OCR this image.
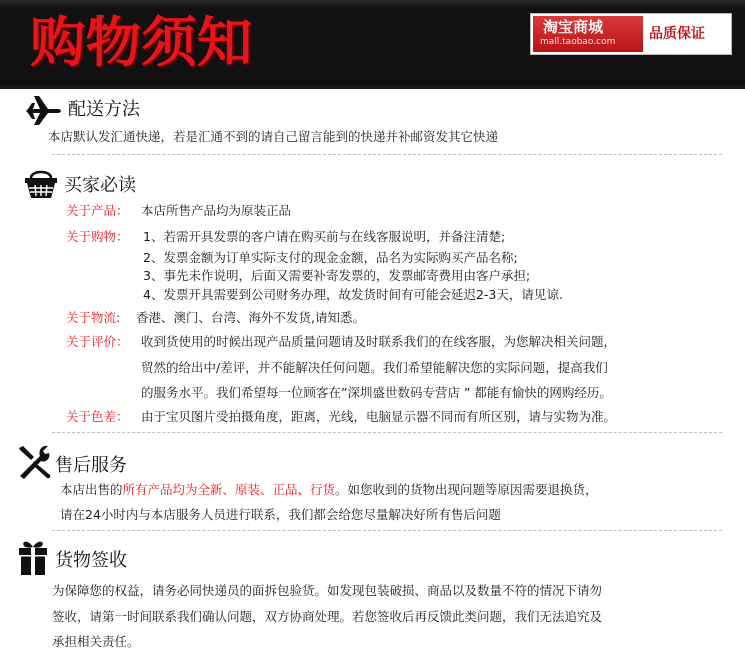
购物须知	淘宝商城
mall.taobao.com 品质保证
配送方法
本店默认发汇通快递，若是汇通不到的请自己留言能到的快递并补邮资发其它快递
买家必读
关于产品： 本店所售产品均为原装正品
关于购物： 1、若需开具发票的客户请在购买前与在线客服说明，并备注清楚;
2、发票金额为订单实际支付的现金金额，品名为实际购买产品名称;
3、事先未作说明，后面又需要补寄发票的，发票邮寄费用由客户承担;
4、发票开具需要到公司财务办理，故发货时间有可能会延迟2-3天，请见谅.
关于物流: 香港、澳门、台湾、海外不发货,请知悉。
关于评价： 收到货使用的时候出现产品质量问题请及时联系我们的在线客服，为您解决相关问题，
贸然的给出中/差评，并不能解决任何问题。我们希望能解决您的实际问题，提高我们
的服务水平。我们希望每一位顾客在”深圳盛世数码专营店 ” 都能有愉快的网购经历。
关于色差： 由于宝贝图片受拍摄角度，距离，光线，电脑显示器不同而有所区别，请与实物为准。
售后服务
本店出售的所有产品均为全新、原装、正品、行货。如您收到的货物出现问题等原因需要退换货，
请在24小时内与本店服务人员进行联系，我们都会给您尽量解决好所有售后问题
货物签收
为保障您的权益，请务必同快递员的面拆包验货。如发现包装破损、商品以及数量不符的情况下请勿
签收，请第一时间联系我们确认问题，双方协商处理。若您签收后再反馈此类问题，我们无法追究及
承担相关责任。
